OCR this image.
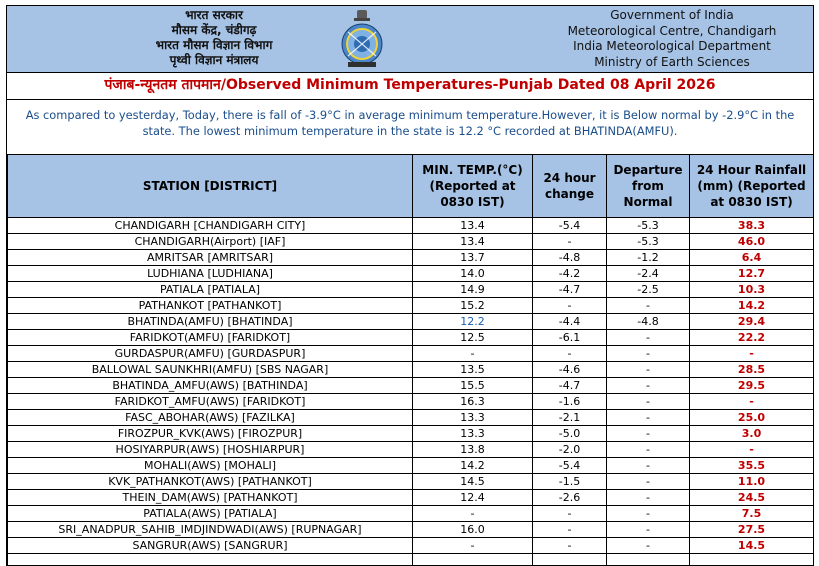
भारत सरकार
मौसम केंद्र, चंडीगढ़
भारत मौसम विज्ञान विभाग
पृथ्वी विज्ञान मंत्रालय
Government of India
Meteorological Centre, Chandigarh
India Meteorological Department
Ministry of Earth Sciences
पंजाब-न्यूनतम तापमान/Observed Minimum Temperatures-Punjab Dated 08 April 2026
As compared to yesterday, Today, there is fall of -3.9°C in average minimum temperature.However, it is Below normal by -2.9°C in the state. The lowest minimum temperature in the state is 12.2 °C recorded at BHATINDA(AMFU).
STATION [DISTRICT]	MIN. TEMP.(°C) (Reported at 0830 IST)	24 hour change	Departure from Normal	24 Hour Rainfall (mm) (Reported at 0830 IST)
CHANDIGARH [CHANDIGARH CITY]	13.4	-5.4	-5.3	38.3
CHANDIGARH(Airport) [IAF]	13.4	-	-5.3	46.0
AMRITSAR [AMRITSAR]	13.7	-4.8	-1.2	6.4
LUDHIANA [LUDHIANA]	14.0	-4.2	-2.4	12.7
PATIALA [PATIALA]	14.9	-4.7	-2.5	10.3
PATHANKOT [PATHANKOT]	15.2	-	-	14.2
BHATINDA(AMFU) [BHATINDA]	12.2	-4.4	-4.8	29.4
FARIDKOT(AMFU) [FARIDKOT]	12.5	-6.1	-	22.2
GURDASPUR(AMFU) [GURDASPUR]	-	-	-	-
BALLOWAL SAUNKHRI(AMFU) [SBS NAGAR]	13.5	-4.6	-	28.5
BHATINDA_AMFU(AWS) [BATHINDA]	15.5	-4.7	-	29.5
FARIDKOT_AMFU(AWS) [FARIDKOT]	16.3	-1.6	-	-
FASC_ABOHAR(AWS) [FAZILKA]	13.3	-2.1	-	25.0
FIROZPUR_KVK(AWS) [FIROZPUR]	13.3	-5.0	-	3.0
HOSIYARPUR(AWS) [HOSHIARPUR]	13.8	-2.0	-	-
MOHALI(AWS) [MOHALI]	14.2	-5.4	-	35.5
KVK_PATHANKOT(AWS) [PATHANKOT]	14.5	-1.5	-	11.0
THEIN_DAM(AWS) [PATHANKOT]	12.4	-2.6	-	24.5
PATIALA(AWS) [PATIALA]	-	-	-	7.5
SRI_ANADPUR_SAHIB_IMDJINDWADI(AWS) [RUPNAGAR]	16.0	-	-	27.5
SANGRUR(AWS) [SANGRUR]	-	-	-	14.5
